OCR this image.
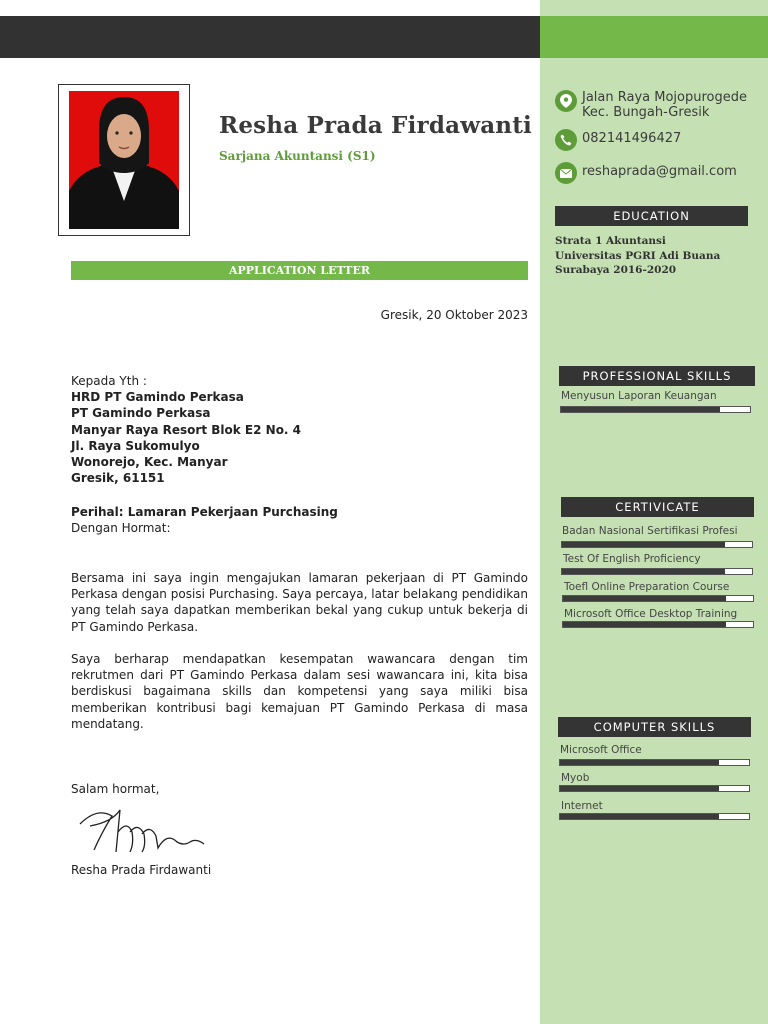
Resha Prada Firdawanti
Sarjana Akuntansi (S1)
APPLICATION LETTER
Gresik, 20 Oktober 2023
Kepada Yth :
HRD PT Gamindo Perkasa
PT Gamindo Perkasa
Manyar Raya Resort Blok E2 No. 4
Jl. Raya Sukomulyo
Wonorejo, Kec. Manyar
Gresik, 61151
Perihal: Lamaran Pekerjaan Purchasing
Dengan Hormat:
Bersama ini saya ingin mengajukan lamaran pekerjaan di PT Gamindo Perkasa dengan posisi Purchasing. Saya percaya, latar belakang pendidikan yang telah saya dapatkan memberikan bekal yang cukup untuk bekerja di PT Gamindo Perkasa.
Saya berharap mendapatkan kesempatan wawancara dengan tim rekrutmen dari PT Gamindo Perkasa dalam sesi wawancara ini, kita bisa berdiskusi bagaimana skills dan kompetensi yang saya miliki bisa memberikan kontribusi bagi kemajuan PT Gamindo Perkasa di masa mendatang.
Salam hormat,
Resha Prada Firdawanti
Jalan Raya Mojopurogede
Kec. Bungah-Gresik
082141496427
reshaprada@gmail.com
EDUCATION
Strata 1 Akuntansi
Universitas PGRI Adi Buana
Surabaya 2016-2020
PROFESSIONAL SKILLS
Menyusun Laporan Keuangan
CERTIVICATE
Badan Nasional Sertifikasi Profesi
Test Of English Proficiency
Toefl Online Preparation Course
Microsoft Office Desktop Training
COMPUTER SKILLS
Microsoft Office
Myob
Internet
